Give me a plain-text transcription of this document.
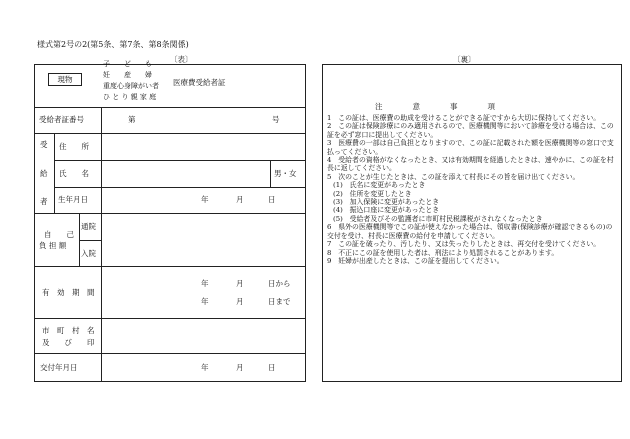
様式第2号の2(第5条、第7条、第8条関係)
〔表〕
現物
子　　ど　　も
妊　　産　　婦
重度心身障がい者
ひ と り 親 家 庭
医療費受給者証
受給者証番号	第	号
受
給
者
住　　所
氏　　名	男・女
生年月日	年	月	日
自　　己
負 担 額
通院
入院
有　効　期　間
年	月	日から
年	月	日まで
市　町　村　名
及　　び　　印
交付年月日	年	月	日
〔裏〕
注　　　　意　　　　事　　　　項
1　この証は、医療費の助成を受けることができる証ですから大切に保持してください。
2　この証は保険診療にのみ適用されるので、医療機関等において診療を受ける場合は、この証を必ず窓口に提出してください。
3　医療費の一部は自己負担となりますので、この証に記載された額を医療機関等の窓口で支払ってください。
4　受給者の資格がなくなったとき、又は有効期間を経過したときは、速やかに、この証を村長に返してください。
5　次のことが生じたときは、この証を添えて村長にその旨を届け出てください。
(1)　氏名に変更があったとき
(2)　住所を変更したとき
(3)　加入保険に変更があったとき
(4)　振込口座に変更があったとき
(5)　受給者及びその監護者に市町村民税課税がされなくなったとき
6　県外の医療機関等でこの証が使えなかった場合は、領収書(保険診療が確認できるもの)の交付を受け、村長に医療費の給付を申請してください。
7　この証を破ったり、汚したり、又は失ったりしたときは、再交付を受けてください。
8　不正にこの証を使用した者は、刑法により処罰されることがあります。
9　妊婦が出産したときは、この証を提出してください。
